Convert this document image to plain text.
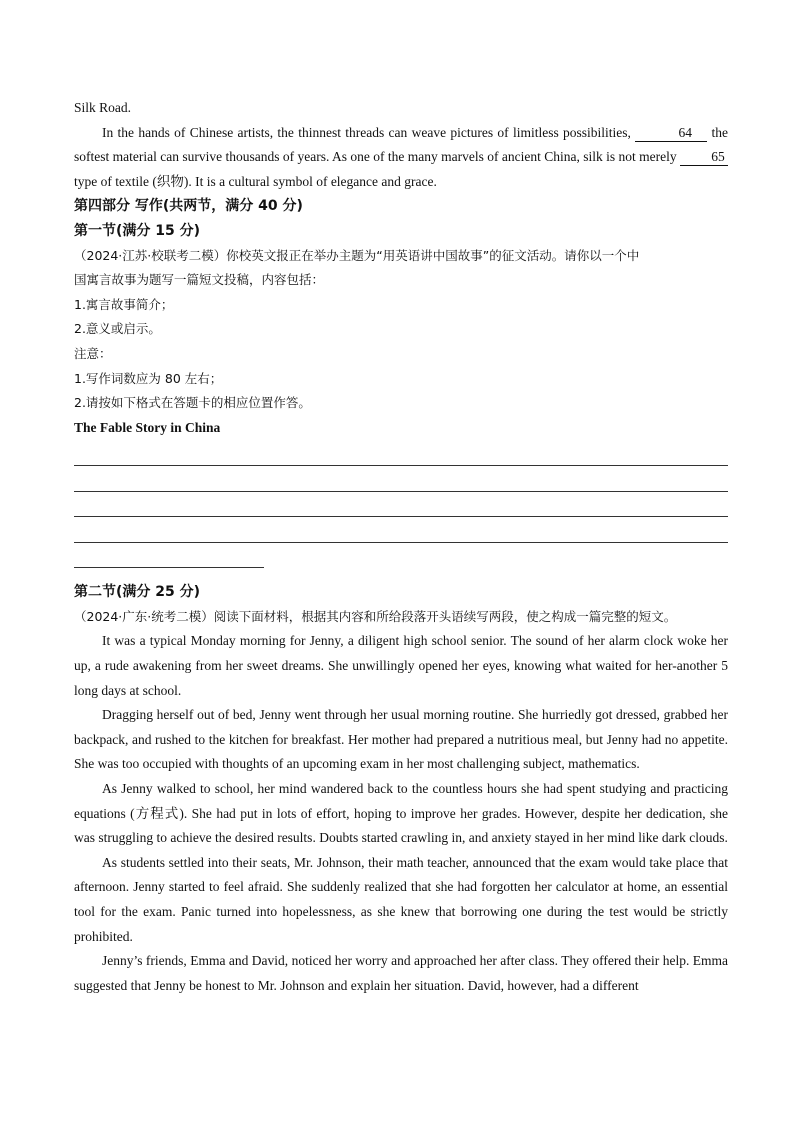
Silk Road.
In the hands of Chinese artists, the thinnest threads can weave pictures of limitless possibilities,	64 the softest material can survive thousands of years. As one of the many marvels of ancient China, silk is not merely	65 type of textile (织物). It is a cultural symbol of elegance and grace.
第四部分 写作(共两节，满分 40 分)
第一节(满分 15 分)
（2024·江苏·校联考二模）你校英文报正在举办主题为“用英语讲中国故事”的征文活动。请你以一个中
国寓言故事为题写一篇短文投稿，内容包括：
1.寓言故事简介；
2.意义或启示。
注意：
1.写作词数应为 80 左右；
2.请按如下格式在答题卡的相应位置作答。
The Fable Story in China
第二节(满分 25 分)
（2024·广东·统考二模）阅读下面材料，根据其内容和所给段落开头语续写两段，使之构成一篇完整的短文。
It was a typical Monday morning for Jenny, a diligent high school senior. The sound of her alarm clock woke her up, a rude awakening from her sweet dreams. She unwillingly opened her eyes, knowing what waited for her-another 5 long days at school.
Dragging herself out of bed, Jenny went through her usual morning routine. She hurriedly got dressed, grabbed her backpack, and rushed to the kitchen for breakfast. Her mother had prepared a nutritious meal, but Jenny had no appetite. She was too occupied with thoughts of an upcoming exam in her most challenging subject, mathematics.
As Jenny walked to school, her mind wandered back to the countless hours she had spent studying and practicing equations (方程式). She had put in lots of effort, hoping to improve her grades. However, despite her dedication, she was struggling to achieve the desired results. Doubts started crawling in, and anxiety stayed in her mind like dark clouds.
As students settled into their seats, Mr. Johnson, their math teacher, announced that the exam would take place that afternoon. Jenny started to feel afraid. She suddenly realized that she had forgotten her calculator at home, an essential tool for the exam. Panic turned into hopelessness, as she knew that borrowing one during the test would be strictly prohibited.
Jenny’s friends, Emma and David, noticed her worry and approached her after class. They offered their help. Emma suggested that Jenny be honest to Mr. Johnson and explain her situation. David, however, had a different
